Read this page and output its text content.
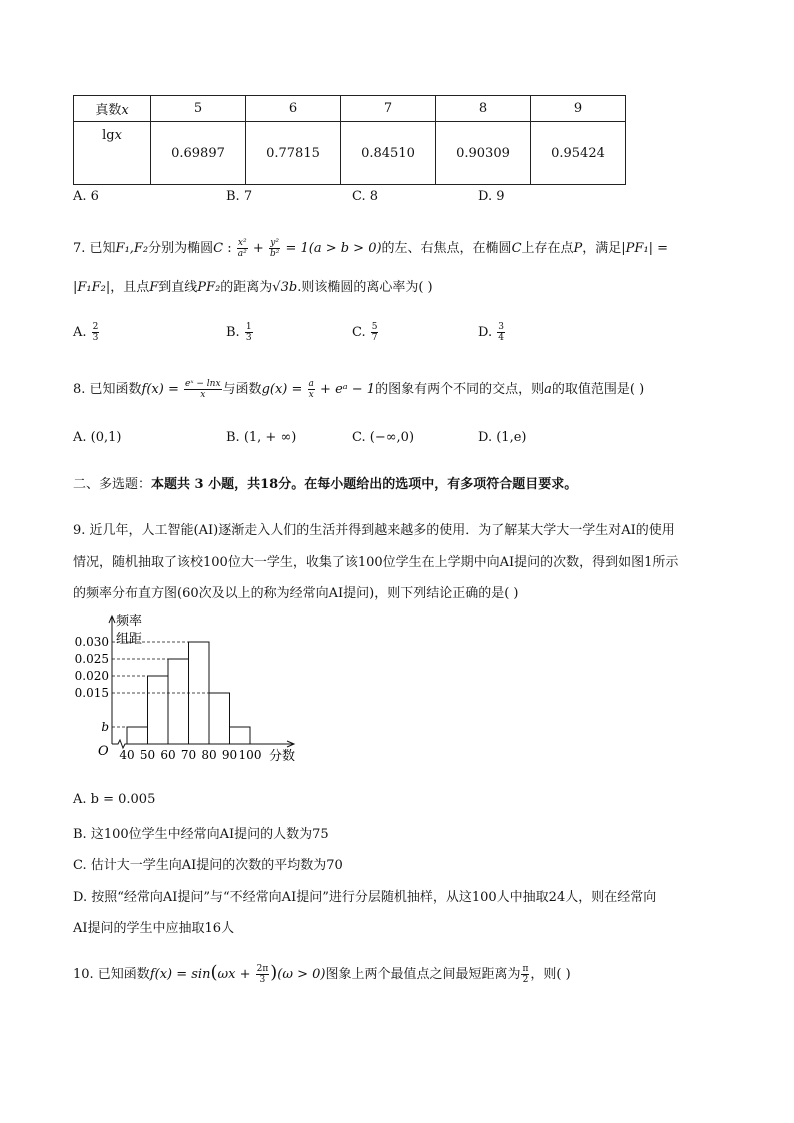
真数x	5	6	7	8	9
lgx	0.69897	0.77815	0.84510	0.90309	0.95424
A. 6	B. 7	C. 8	D. 9
7. 已知F₁,F₂分别为椭圆C : $\frac{\text{x²}}{\text{a²}} + \frac{\text{y²}}{\text{b²}} = 1(a > b > 0)$的左、右焦点，在椭圆C上存在点P，满足|PF₁| =
|F₁F₂|，且点F到直线PF₂的距离为√3b.则该椭圆的离心率为( )
A. $\frac{2}{3}$	B. $\frac{1}{3}$	C. $\frac{5}{7}$	D. $\frac{3}{4}$
8. 已知函数$f(x) = \frac{\text{eˣ − lnx}}{x}$ 与函数$g(x) = \frac{a}{x}$ + eᵃ − 1的图象有两个不同的交点，则a的取值范围是( )
A. (0,1)	B. (1, + ∞)	C. (−∞,0)	D. (1,e)
二、多选题：本题共 3 小题，共18分。在每小题给出的选项中，有多项符合题目要求。
9. 近几年，人工智能(AI)逐渐走入人们的生活并得到越来越多的使用．为了解某大学大一学生对AI的使用
情况，随机抽取了该校100位大一学生，收集了该100位学生在上学期中向AI提问的次数，得到如图1所示
的频率分布直方图(60次及以上的称为经常向AI提问)，则下列结论正确的是( )
0.030
0.025
0.020
0.015
b
40 50 60 70 80 90 100
频率
组距
O	分数
A. b = 0.005
B. 这100位学生中经常向AI提问的人数为75
C. 估计大一学生向AI提问的次数的平均数为70
D. 按照“经常向AI提问”与“不经常向AI提问”进行分层随机抽样，从这100人中抽取24人，则在经常向
AI提问的学生中应抽取16人
10. 已知函数$f(x) = \sin(\omega x + \frac{2\pi}{3} )(\omega > 0)$图象上两个最值点之间最短距离为 $\frac{\pi}{2}$ ，则( )
